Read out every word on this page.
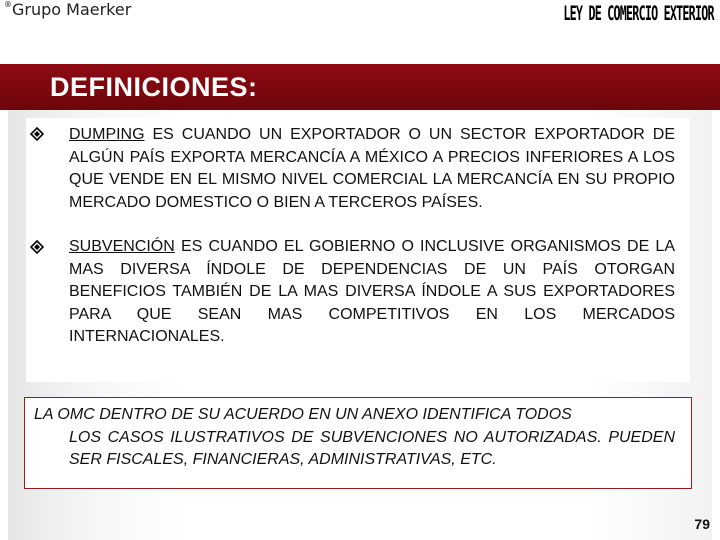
®Grupo Maerker	LEY DE COMERCIO EXTERIOR
DEFINICIONES:
DUMPING ES CUANDO UN EXPORTADOR O UN SECTOR EXPORTADOR DE ALGÚN PAÍS EXPORTA MERCANCÍA A MÉXICO A PRECIOS INFERIORES A LOS QUE VENDE EN EL MISMO NIVEL COMERCIAL LA MERCANCÍA EN SU PROPIO MERCADO DOMESTICO O BIEN A TERCEROS PAÍSES.
SUBVENCIÓN ES CUANDO EL GOBIERNO O INCLUSIVE ORGANISMOS DE LA MAS DIVERSA ÍNDOLE DE DEPENDENCIAS DE UN PAÍS OTORGAN BENEFICIOS TAMBIÉN DE LA MAS DIVERSA ÍNDOLE A SUS EXPORTADORES PARA QUE SEAN MAS COMPETITIVOS EN LOS MERCADOS INTERNACIONALES.
LA OMC DENTRO DE SU ACUERDO EN UN ANEXO IDENTIFICA TODOS
LOS CASOS ILUSTRATIVOS DE SUBVENCIONES NO AUTORIZADAS. PUEDEN SER FISCALES, FINANCIERAS, ADMINISTRATIVAS, ETC.
79
